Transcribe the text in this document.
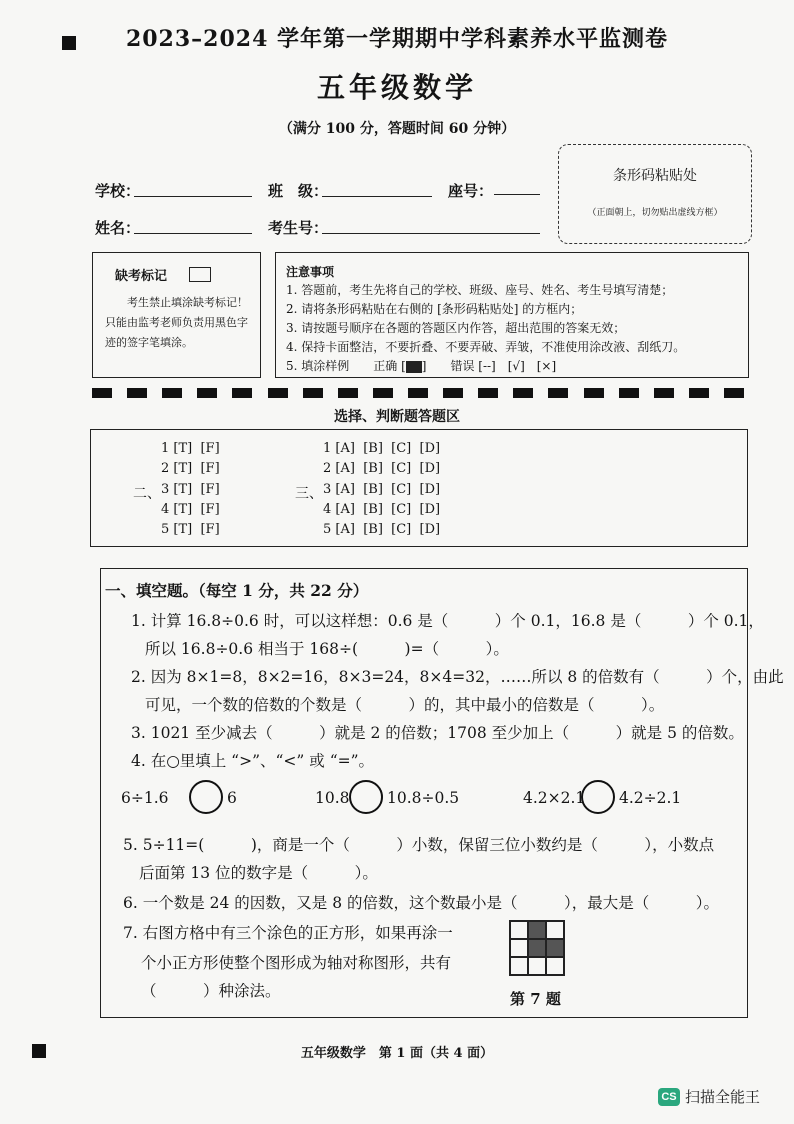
2023–2024 学年第一学期期中学科素养水平监测卷
五年级数学
（满分 100 分，答题时间 60 分钟）
学校：	班　级：	座号：
姓名：	考生号：
条形码粘贴处
（正面朝上，切勿贴出虚线方框）
缺考标记
考生禁止填涂缺考标记！只能由监考老师负责用黑色字迹的签字笔填涂。
注意事项
1. 答题前，考生先将自己的学校、班级、座号、姓名、考生号填写清楚；
2. 请将条形码粘贴在右侧的 [条形码粘贴处] 的方框内；
3. 请按题号顺序在各题的答题区内作答，超出范围的答案无效；
4. 保持卡面整洁，不要折叠、不要弄破、弄皱，不准使用涂改液、刮纸刀。
5. 填涂样例　　正确 [ ]　　错误 [--]　[√]　[×]
选择、判断题答题区
二、
1 [T]  [F]
2 [T]  [F]
3 [T]  [F]
4 [T]  [F]
5 [T]  [F]
三、
1 [A]  [B]  [C]  [D]
2 [A]  [B]  [C]  [D]
3 [A]  [B]  [C]  [D]
4 [A]  [B]  [C]  [D]
5 [A]  [B]  [C]  [D]
一、填空题。（每空 1 分，共 22 分）
1. 计算 16.8÷0.6 时，可以这样想：0.6 是（　　　）个 0.1，16.8 是（　　　）个 0.1，
所以 16.8÷0.6 相当于 168÷(　　　)=（　　　）。
2. 因为 8×1=8，8×2=16，8×3=24，8×4=32，……所以 8 的倍数有（　　　）个，由此
可见，一个数的倍数的个数是（　　　）的，其中最小的倍数是（　　　）。
3. 1021 至少减去（　　　）就是 2 的倍数；1708 至少加上（　　　）就是 5 的倍数。
4. 在○里填上 “>”、“<” 或 “=”。
6÷1.6	6	10.8 10.8÷0.5	4.2×2.1 4.2÷2.1
5. 5÷11=(　　　)，商是一个（　　　）小数，保留三位小数约是（　　　），小数点
后面第 13 位的数字是（　　　）。
6. 一个数是 24 的因数，又是 8 的倍数，这个数最小是（　　　），最大是（　　　）。
7. 右图方格中有三个涂色的正方形，如果再涂一
个小正方形使整个图形成为轴对称图形，共有
（　　　）种涂法。	第 7 题
五年级数学　第 1 面（共 4 面）
CS 扫描全能王
